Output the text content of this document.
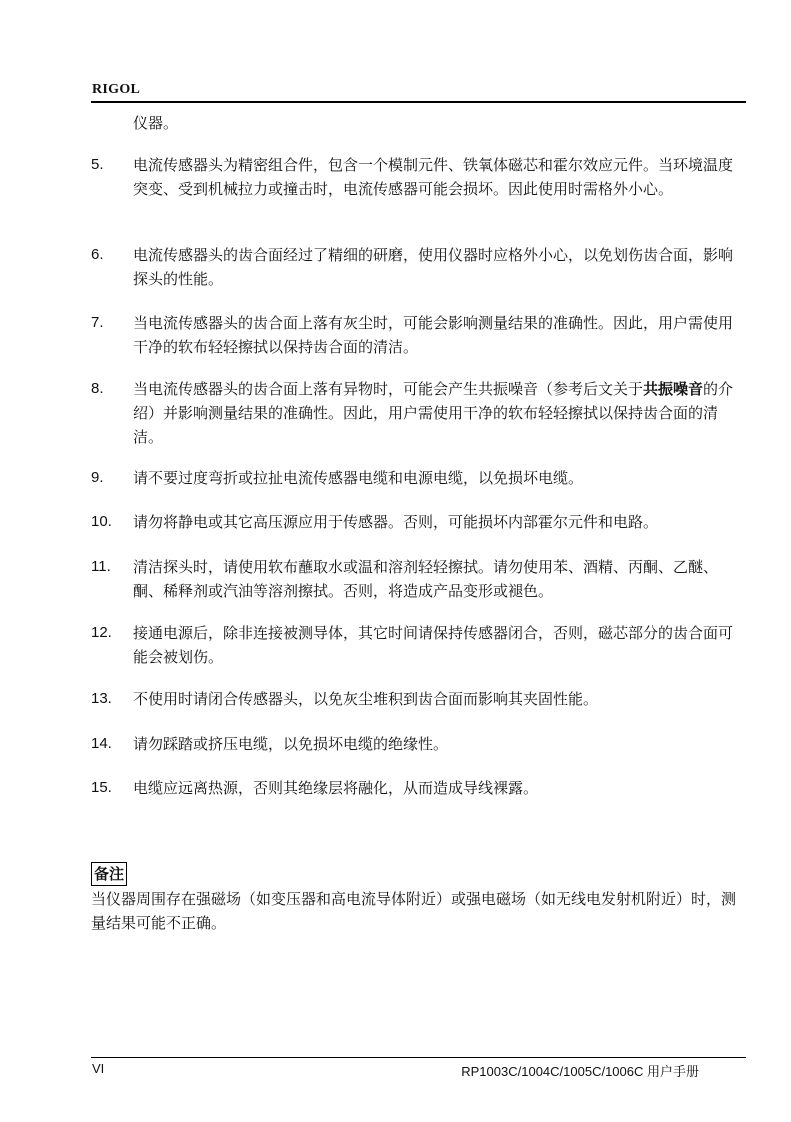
RIGOL
仪器。
5.	电流传感器头为精密组合件，包含一个模制元件、铁氧体磁芯和霍尔效应元件。当环境温度突变、受到机械拉力或撞击时，电流传感器可能会损坏。因此使用时需格外小心。
6.	电流传感器头的齿合面经过了精细的研磨，使用仪器时应格外小心，以免划伤齿合面，影响探头的性能。
7.	当电流传感器头的齿合面上落有灰尘时，可能会影响测量结果的准确性。因此，用户需使用干净的软布轻轻擦拭以保持齿合面的清洁。
8.	当电流传感器头的齿合面上落有异物时，可能会产生共振噪音（参考后文关于共振噪音的介绍）并影响测量结果的准确性。因此，用户需使用干净的软布轻轻擦拭以保持齿合面的清洁。
9.	请不要过度弯折或拉扯电流传感器电缆和电源电缆，以免损坏电缆。
10.	请勿将静电或其它高压源应用于传感器。否则，可能损坏内部霍尔元件和电路。
11.	清洁探头时，请使用软布蘸取水或温和溶剂轻轻擦拭。请勿使用苯、酒精、丙酮、乙醚、酮、稀释剂或汽油等溶剂擦拭。否则，将造成产品变形或褪色。
12.	接通电源后，除非连接被测导体，其它时间请保持传感器闭合，否则，磁芯部分的齿合面可能会被划伤。
13.	不使用时请闭合传感器头，以免灰尘堆积到齿合面而影响其夹固性能。
14.	请勿踩踏或挤压电缆，以免损坏电缆的绝缘性。
15.	电缆应远离热源，否则其绝缘层将融化，从而造成导线裸露。
备注
当仪器周围存在强磁场（如变压器和高电流导体附近）或强电磁场（如无线电发射机附近）时，测量结果可能不正确。
VI	RP1003C/1004C/1005C/1006C 用户手册
